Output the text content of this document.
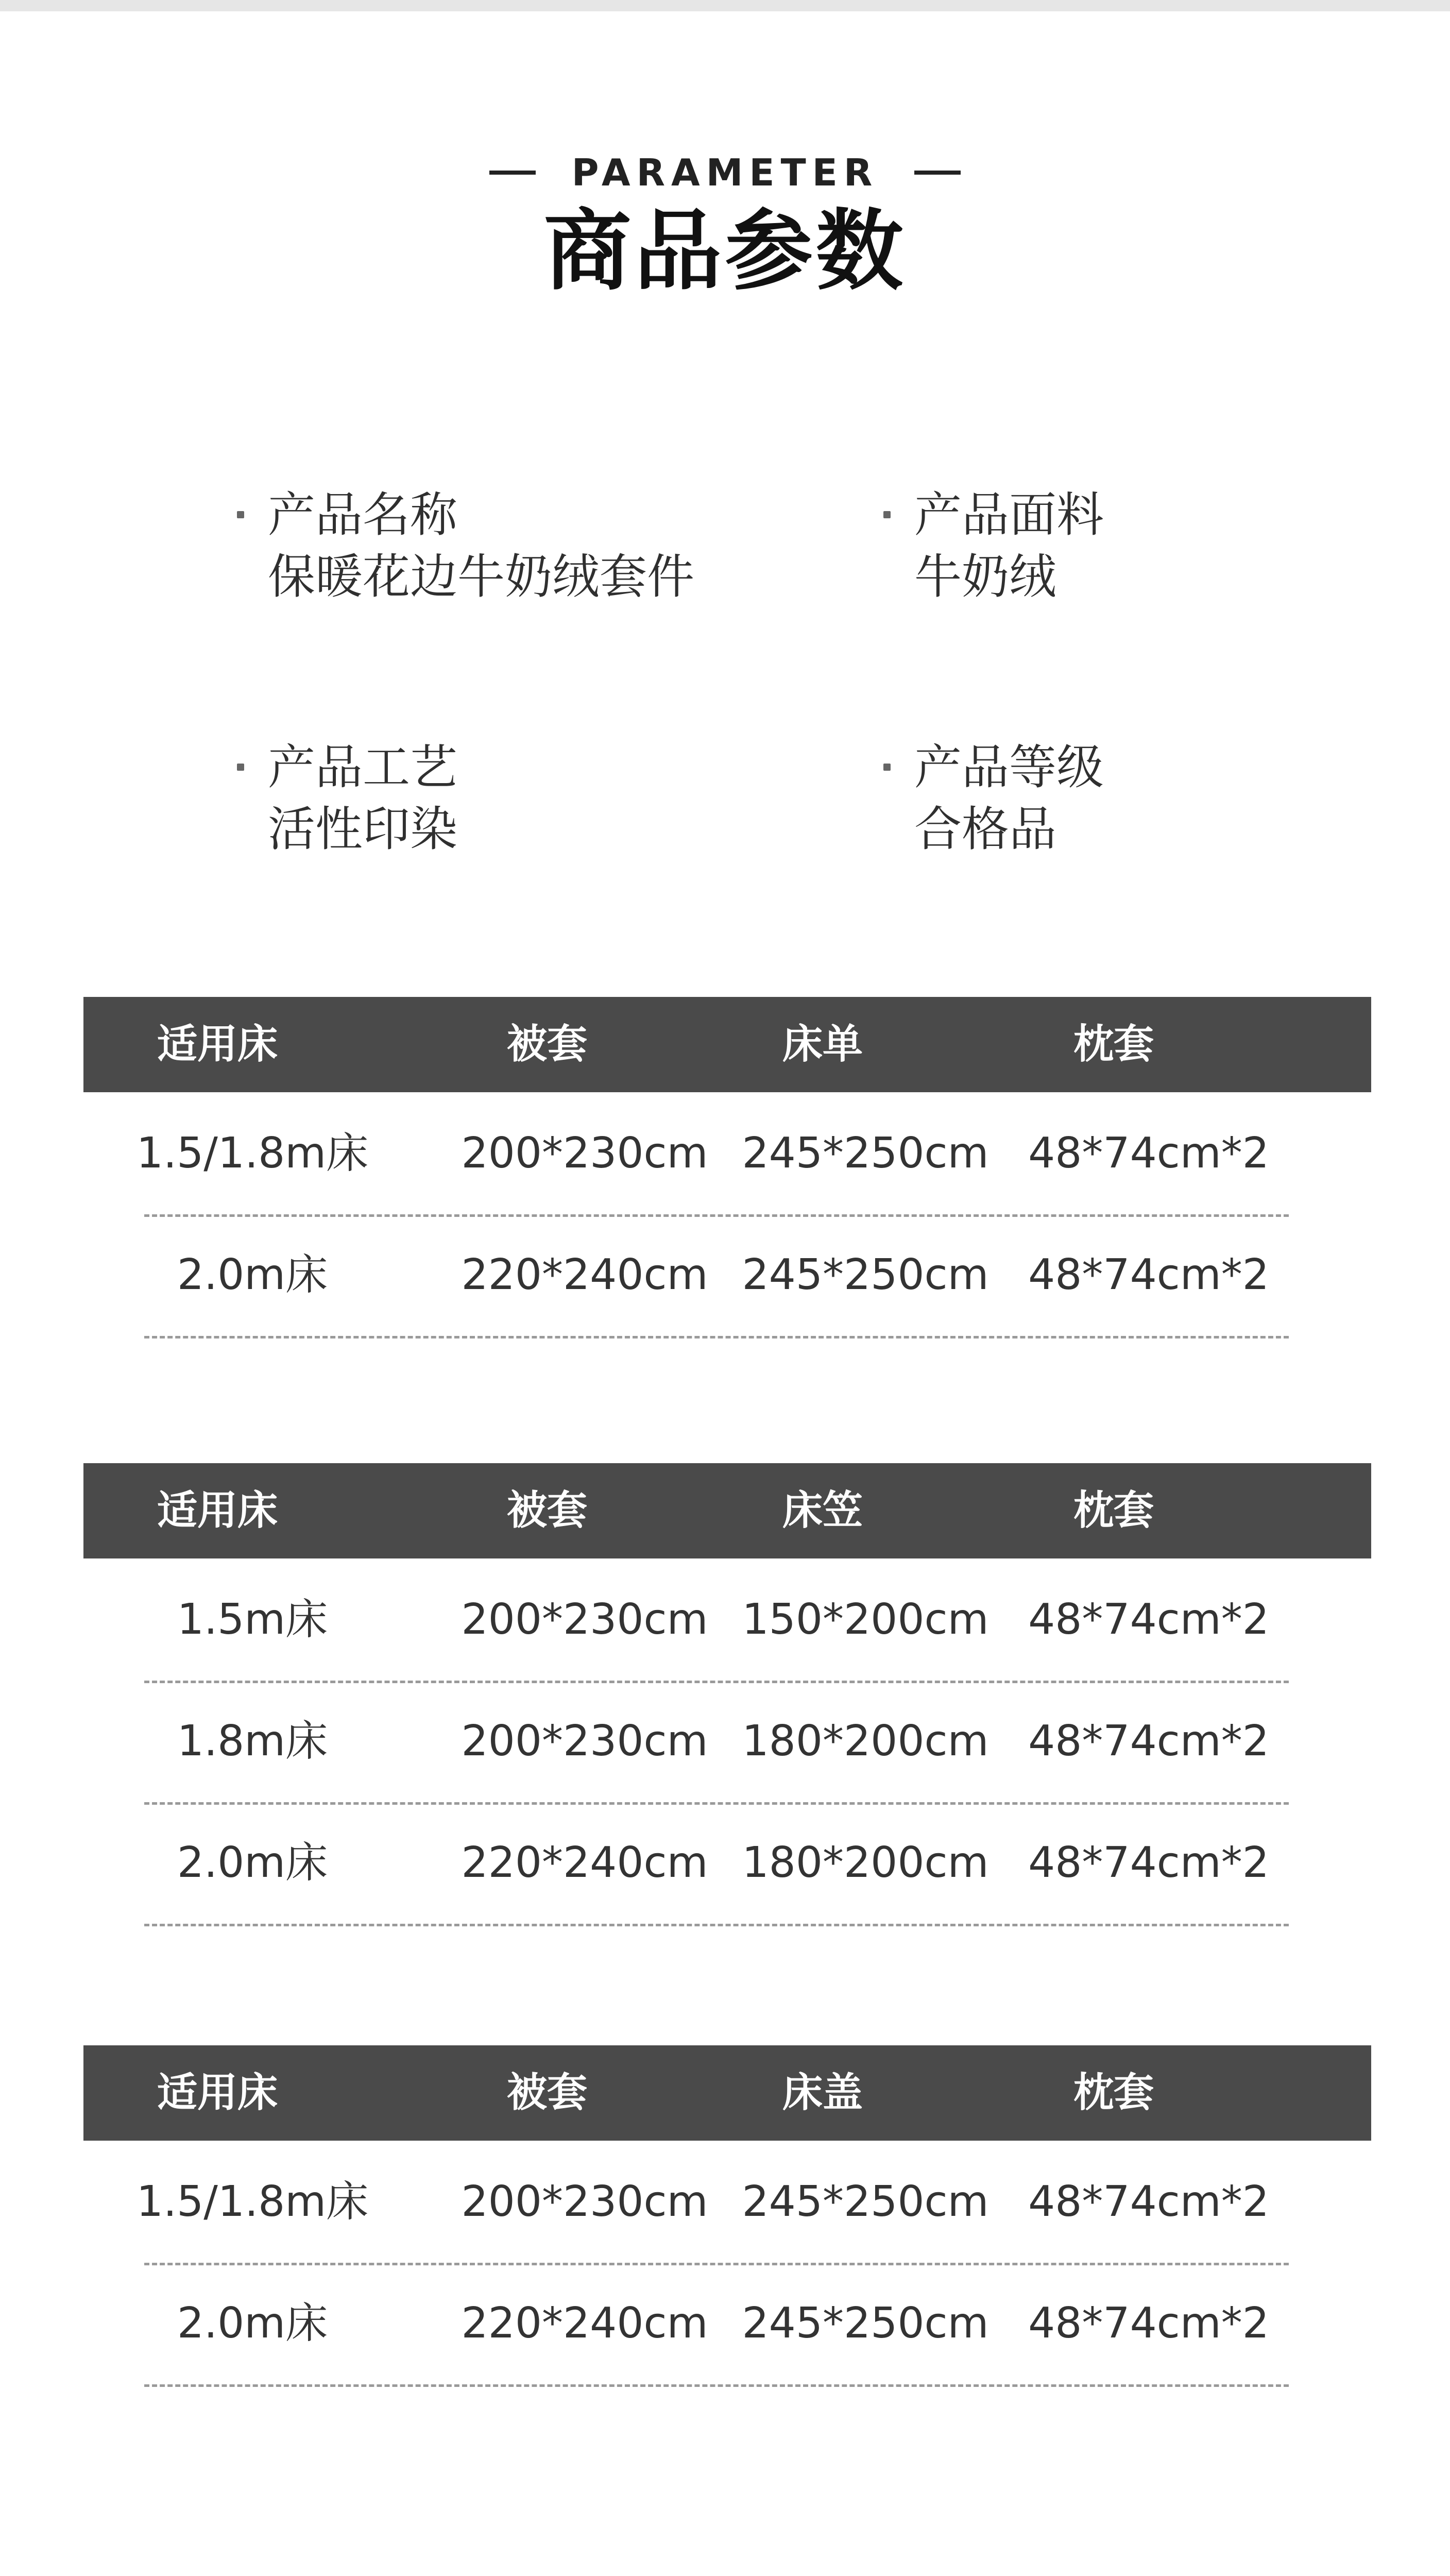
PARAMETER
商品参数
产品名称
保暖花边牛奶绒套件
产品面料
牛奶绒
产品工艺
活性印染
产品等级
合格品
适用床	被套	床单	枕套
1.5/1.8m床	200*230cm 245*250cm 48*74cm*2
2.0m床	220*240cm 245*250cm 48*74cm*2
适用床	被套	床笠	枕套
1.5m床	200*230cm 150*200cm 48*74cm*2
1.8m床	200*230cm 180*200cm 48*74cm*2
2.0m床	220*240cm 180*200cm 48*74cm*2
适用床	被套	床盖	枕套
1.5/1.8m床	200*230cm 245*250cm 48*74cm*2
2.0m床	220*240cm 245*250cm 48*74cm*2
